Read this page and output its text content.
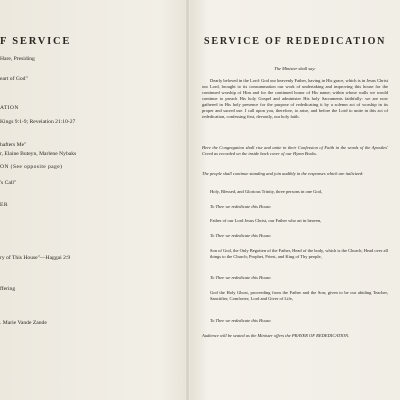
F SERVICE
Hare, Presiding
eart of God"
ATION
Kings 9:1-9; Revelation 21:10-27
hafters Me"
r, Elaine Buteyn, Marlene Nybaks
ON (See opposite page)
's Call"
ER
ry of This House"—Haggai 2:9
ffering
. Marie Vande Zande
SERVICE OF REDEDICATION
The Minister shall say:
Dearly beloved in the Lord: God our heavenly Father, having in His grace, which is in Jesus Christ our Lord, brought to its consummation our work of undertaking and improving this house for the continued worship of Him and for the continued honor of His name; within whose walls we would continue to preach His holy Gospel and administer His holy Sacraments faithfully: we are now gathered in His holy presence for the purpose of rededicating it by a solemn act of worship in its proper and sacred use. I call upon you, therefore, to arise, and before the Lord to unite in this act of rededication, confessing first, devoutly, our holy faith.
Here the Congregation shall rise and unite in their Confession of Faith in the words of the Apostles' Creed as recorded on the inside back cover of our Hymn Books.
The people shall continue standing and join audibly in the responses which are italicized:
Holy, Blessed, and Glorious Trinity, three persons in one God,
To Thee we rededicate this House.
Father of our Lord Jesus Christ, our Father who art in heaven,
To Thee we rededicate this House.
Son of God, the Only Begotten of the Father, Head of the body, which is the Church; Head over all things to the Church; Prophet, Priest, and King of Thy people,
To Thee we rededicate this House.
God the Holy Ghost, proceeding from the Father and the Son; given to be our abiding Teacher, Sanctifier, Comforter; Lord and Giver of Life,
To Thee we rededicate this House.
Audience will be seated as the Minister offers the PRAYER OF REDEDICATION.
